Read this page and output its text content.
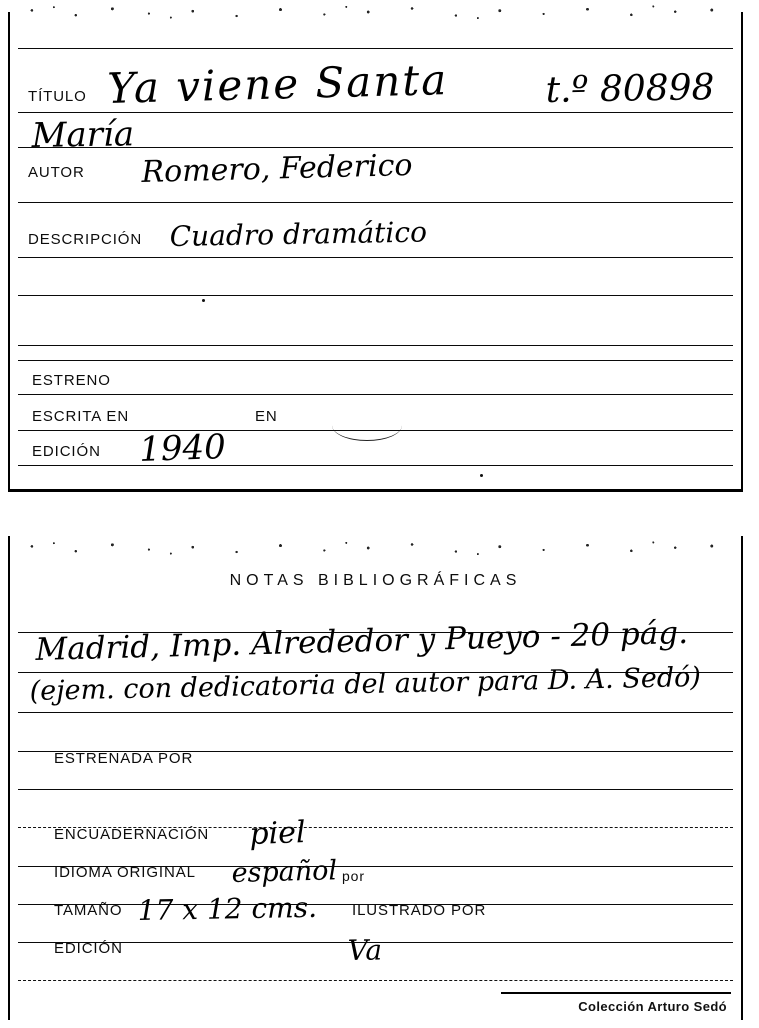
TÍTULO
AUTOR
DESCRIPCIÓN
ESTRENO
ESCRITA EN	EN
EDICIÓN
Ya viene Santa
María
Romero, Federico
Cuadro dramático
1940
t.º 80898
NOTAS BIBLIOGRÁFICAS
Madrid, Imp. Alrededor y Pueyo - 20 pág.
(ejem. con dedicatoria del autor para D. A. Sedó)
ESTRENADA POR
ENCUADERNACIÓN
IDIOMA ORIGINAL
TAMAÑO
EDICIÓN
por
ILUSTRADO POR
piel
español
17 x 12 cms.
Va
Colección Arturo Sedó
